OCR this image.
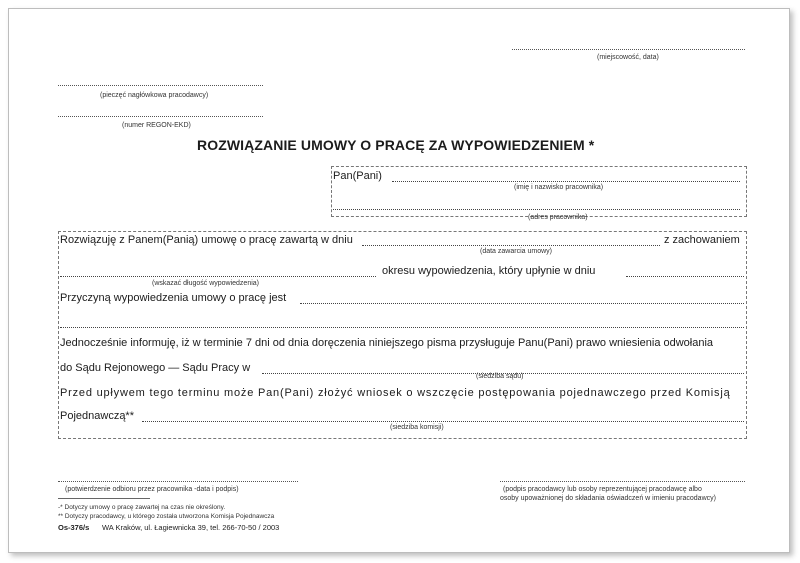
(miejscowość, data)
(pieczęć nagłówkowa pracodawcy)
(numer REGON-EKD)
ROZWIĄZANIE UMOWY O PRACĘ ZA WYPOWIEDZENIEM *
Pan(Pani)
(imię i nazwisko pracownika)
(adres pracownika)
Rozwiązuję z Panem(Panią) umowę o pracę zawartą w dniu	z zachowaniem
(data zawarcia umowy)
okresu wypowiedzenia, który upłynie w dniu
(wskazać długość wypowiedzenia)
Przyczyną wypowiedzenia umowy o pracę jest
Jednocześnie informuję, iż w terminie 7 dni od dnia doręczenia niniejszego pisma przysługuje Panu(Pani) prawo wniesienia odwołania
do Sądu Rejonowego — Sądu Pracy w
(siedziba sądu)
Przed upływem tego terminu może Pan(Pani) złożyć wniosek o wszczęcie postępowania pojednawczego przed Komisją
Pojednawczą**
(siedziba komisji)
(potwierdzenie odbioru przez pracownika -data i podpis)	(podpis pracodawcy lub osoby reprezentującej pracodawcę albo
osoby upoważnionej do składania oświadczeń w imieniu pracodawcy)
-* Dotyczy umowy o pracę zawartej na czas nie określony.
** Dotyczy pracodawcy, u którego została utworzona Komisja Pojednawcza
Os-376/s WA Kraków, ul. Łagiewnicka 39, tel. 266-70-50 / 2003
